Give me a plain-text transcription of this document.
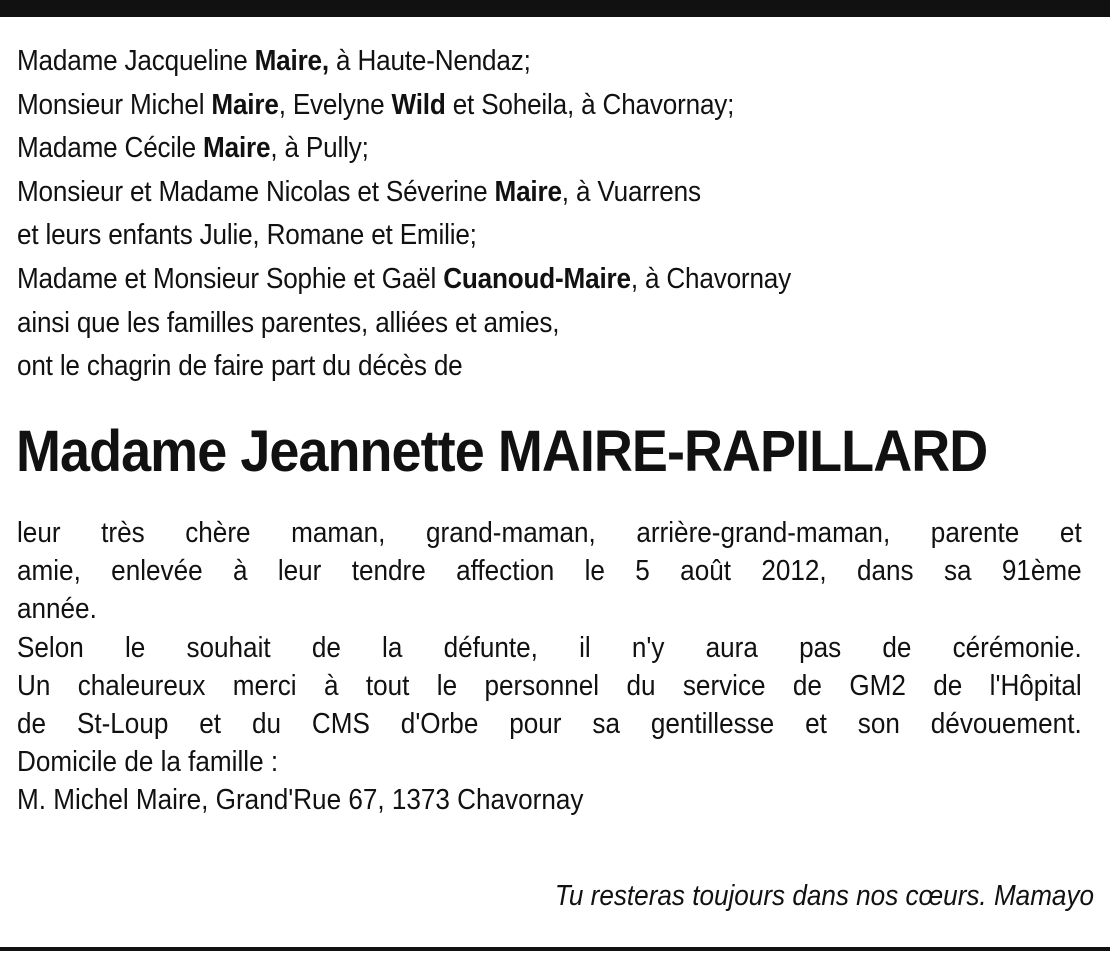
Madame Jacqueline Maire, à Haute-Nendaz;
Monsieur Michel Maire, Evelyne Wild et Soheila, à Chavornay;
Madame Cécile Maire, à Pully;
Monsieur et Madame Nicolas et Séverine Maire, à Vuarrens
et leurs enfants Julie, Romane et Emilie;
Madame et Monsieur Sophie et Gaël Cuanoud-Maire, à Chavornay
ainsi que les familles parentes, alliées et amies,
ont le chagrin de faire part du décès de
Madame Jeannette MAIRE-RAPILLARD
leur très chère maman, grand-maman, arrière-grand-maman, parente et
amie, enlevée à leur tendre affection le 5 août 2012, dans sa 91ème
année.
Selon le souhait de la défunte, il n'y aura pas de cérémonie.
Un chaleureux merci à tout le personnel du service de GM2 de l'Hôpital
de St-Loup et du CMS d'Orbe pour sa gentillesse et son dévouement.
Domicile de la famille :
M. Michel Maire, Grand'Rue 67, 1373 Chavornay
Tu resteras toujours dans nos cœurs. Mamayo
